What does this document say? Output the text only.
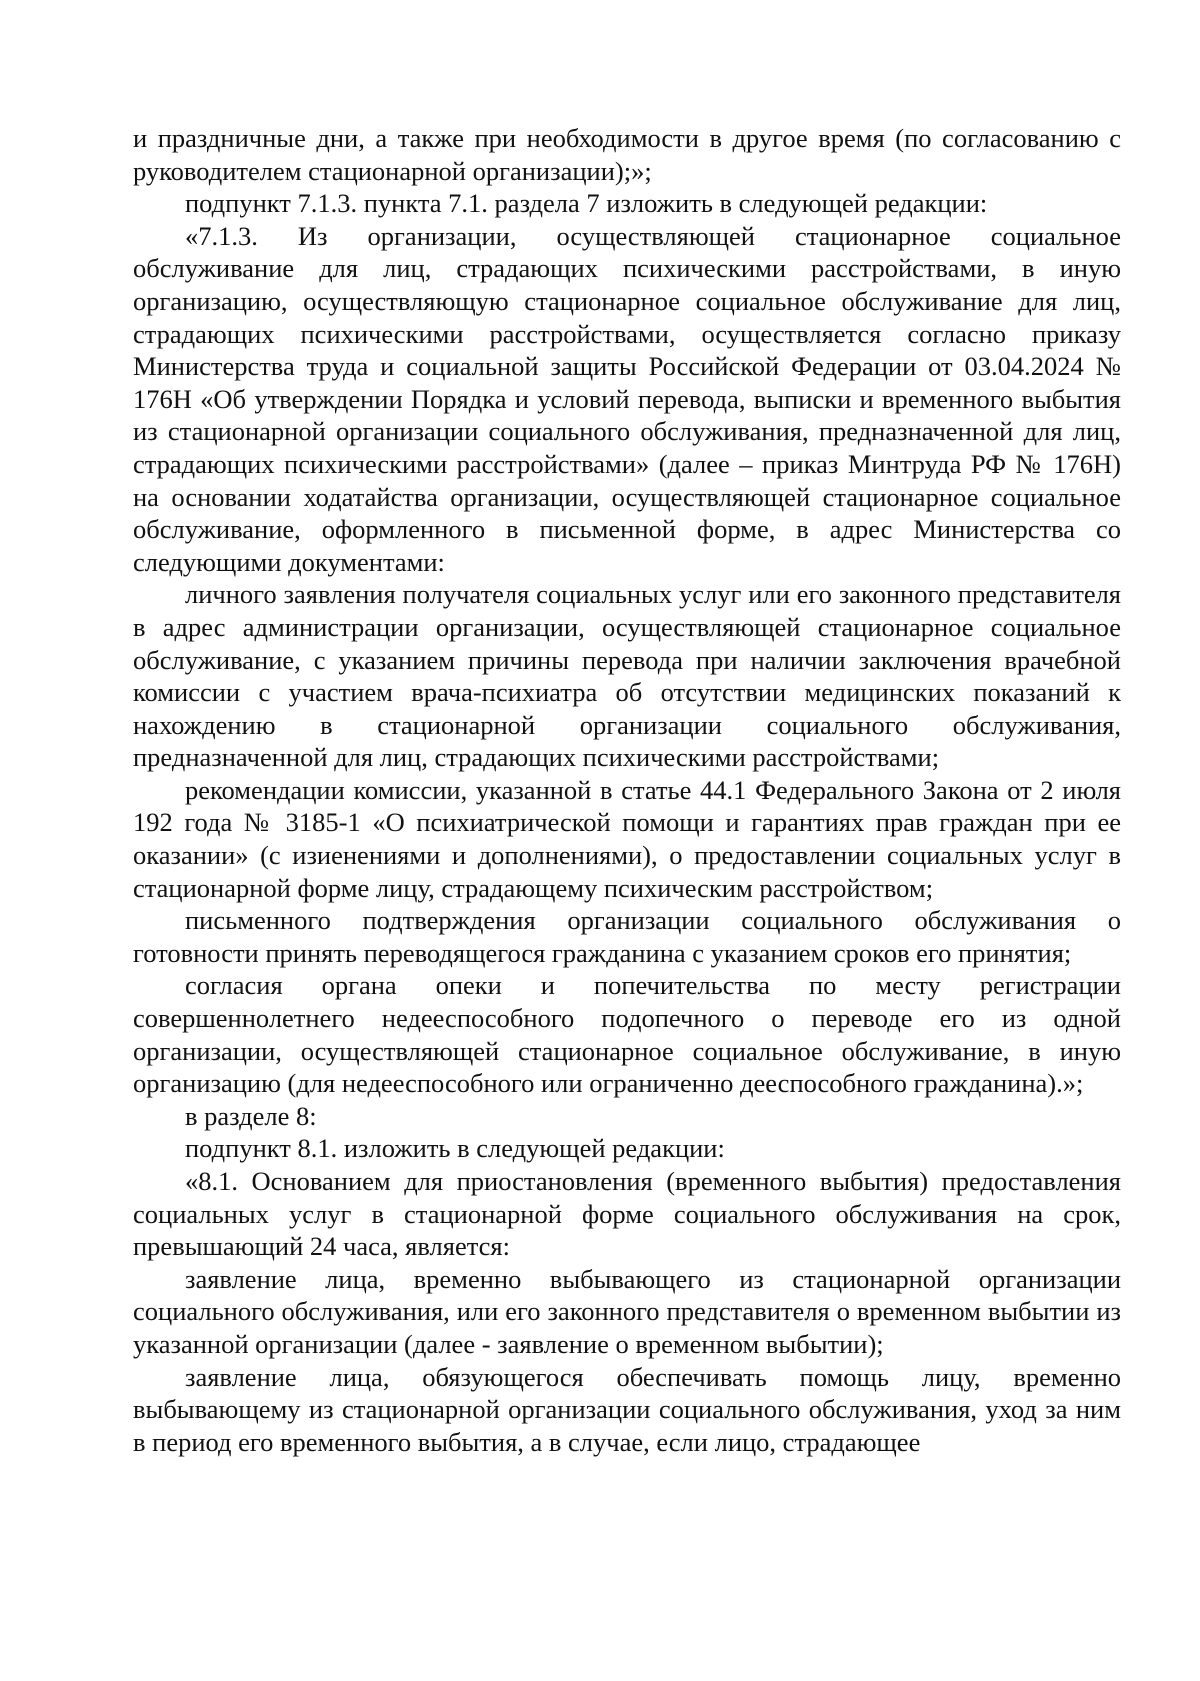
и праздничные дни, а также при необходимости в другое время (по согласованию с руководителем стационарной организации);»;

подпункт 7.1.3. пункта 7.1. раздела 7 изложить в следующей редакции:

«7.1.3. Из организации, осуществляющей стационарное социальное обслуживание для лиц, страдающих психическими расстройствами, в иную организацию, осуществляющую стационарное социальное обслуживание для лиц, страдающих психическими расстройствами, осуществляется согласно приказу Министерства труда и социальной защиты Российской Федерации от 03.04.2024 № 176Н «Об утверждении Порядка и условий перевода, выписки и временного выбытия из стационарной организации социального обслуживания, предназначенной для лиц, страдающих психическими расстройствами» (далее – приказ Минтруда РФ № 176Н) на основании ходатайства организации, осуществляющей стационарное социальное обслуживание, оформленного в письменной форме, в адрес Министерства со следующими документами:

личного заявления получателя социальных услуг или его законного представителя в адрес администрации организации, осуществляющей стационарное социальное обслуживание, с указанием причины перевода при наличии заключения врачебной комиссии с участием врача-психиатра об отсутствии медицинских показаний к нахождению в стационарной организации социального обслуживания, предназначенной для лиц, страдающих психическими расстройствами;

рекомендации комиссии, указанной в статье 44.1 Федерального Закона от 2 июля 192 года № 3185-1 «О психиатрической помощи и гарантиях прав граждан при ее оказании» (с изиенениями и дополнениями), о предоставлении социальных услуг в стационарной форме лицу, страдающему психическим расстройством;

письменного подтверждения организации социального обслуживания о готовности принять переводящегося гражданина с указанием сроков его принятия;

согласия органа опеки и попечительства по месту регистрации совершеннолетнего недееспособного подопечного о переводе его из одной организации, осуществляющей стационарное социальное обслуживание, в иную организацию (для недееспособного или ограниченно дееспособного гражданина).»;

в разделе 8:

подпункт 8.1. изложить в следующей редакции:

«8.1. Основанием для приостановления (временного выбытия) предоставления социальных услуг в стационарной форме социального обслуживания на срок, превышающий 24 часа, является:

заявление лица, временно выбывающего из стационарной организации социального обслуживания, или его законного представителя о временном выбытии из указанной организации (далее - заявление о временном выбытии);

заявление лица, обязующегося обеспечивать помощь лицу, временно выбывающему из стационарной организации социального обслуживания, уход за ним в период его временного выбытия, а в случае, если лицо, страдающее
